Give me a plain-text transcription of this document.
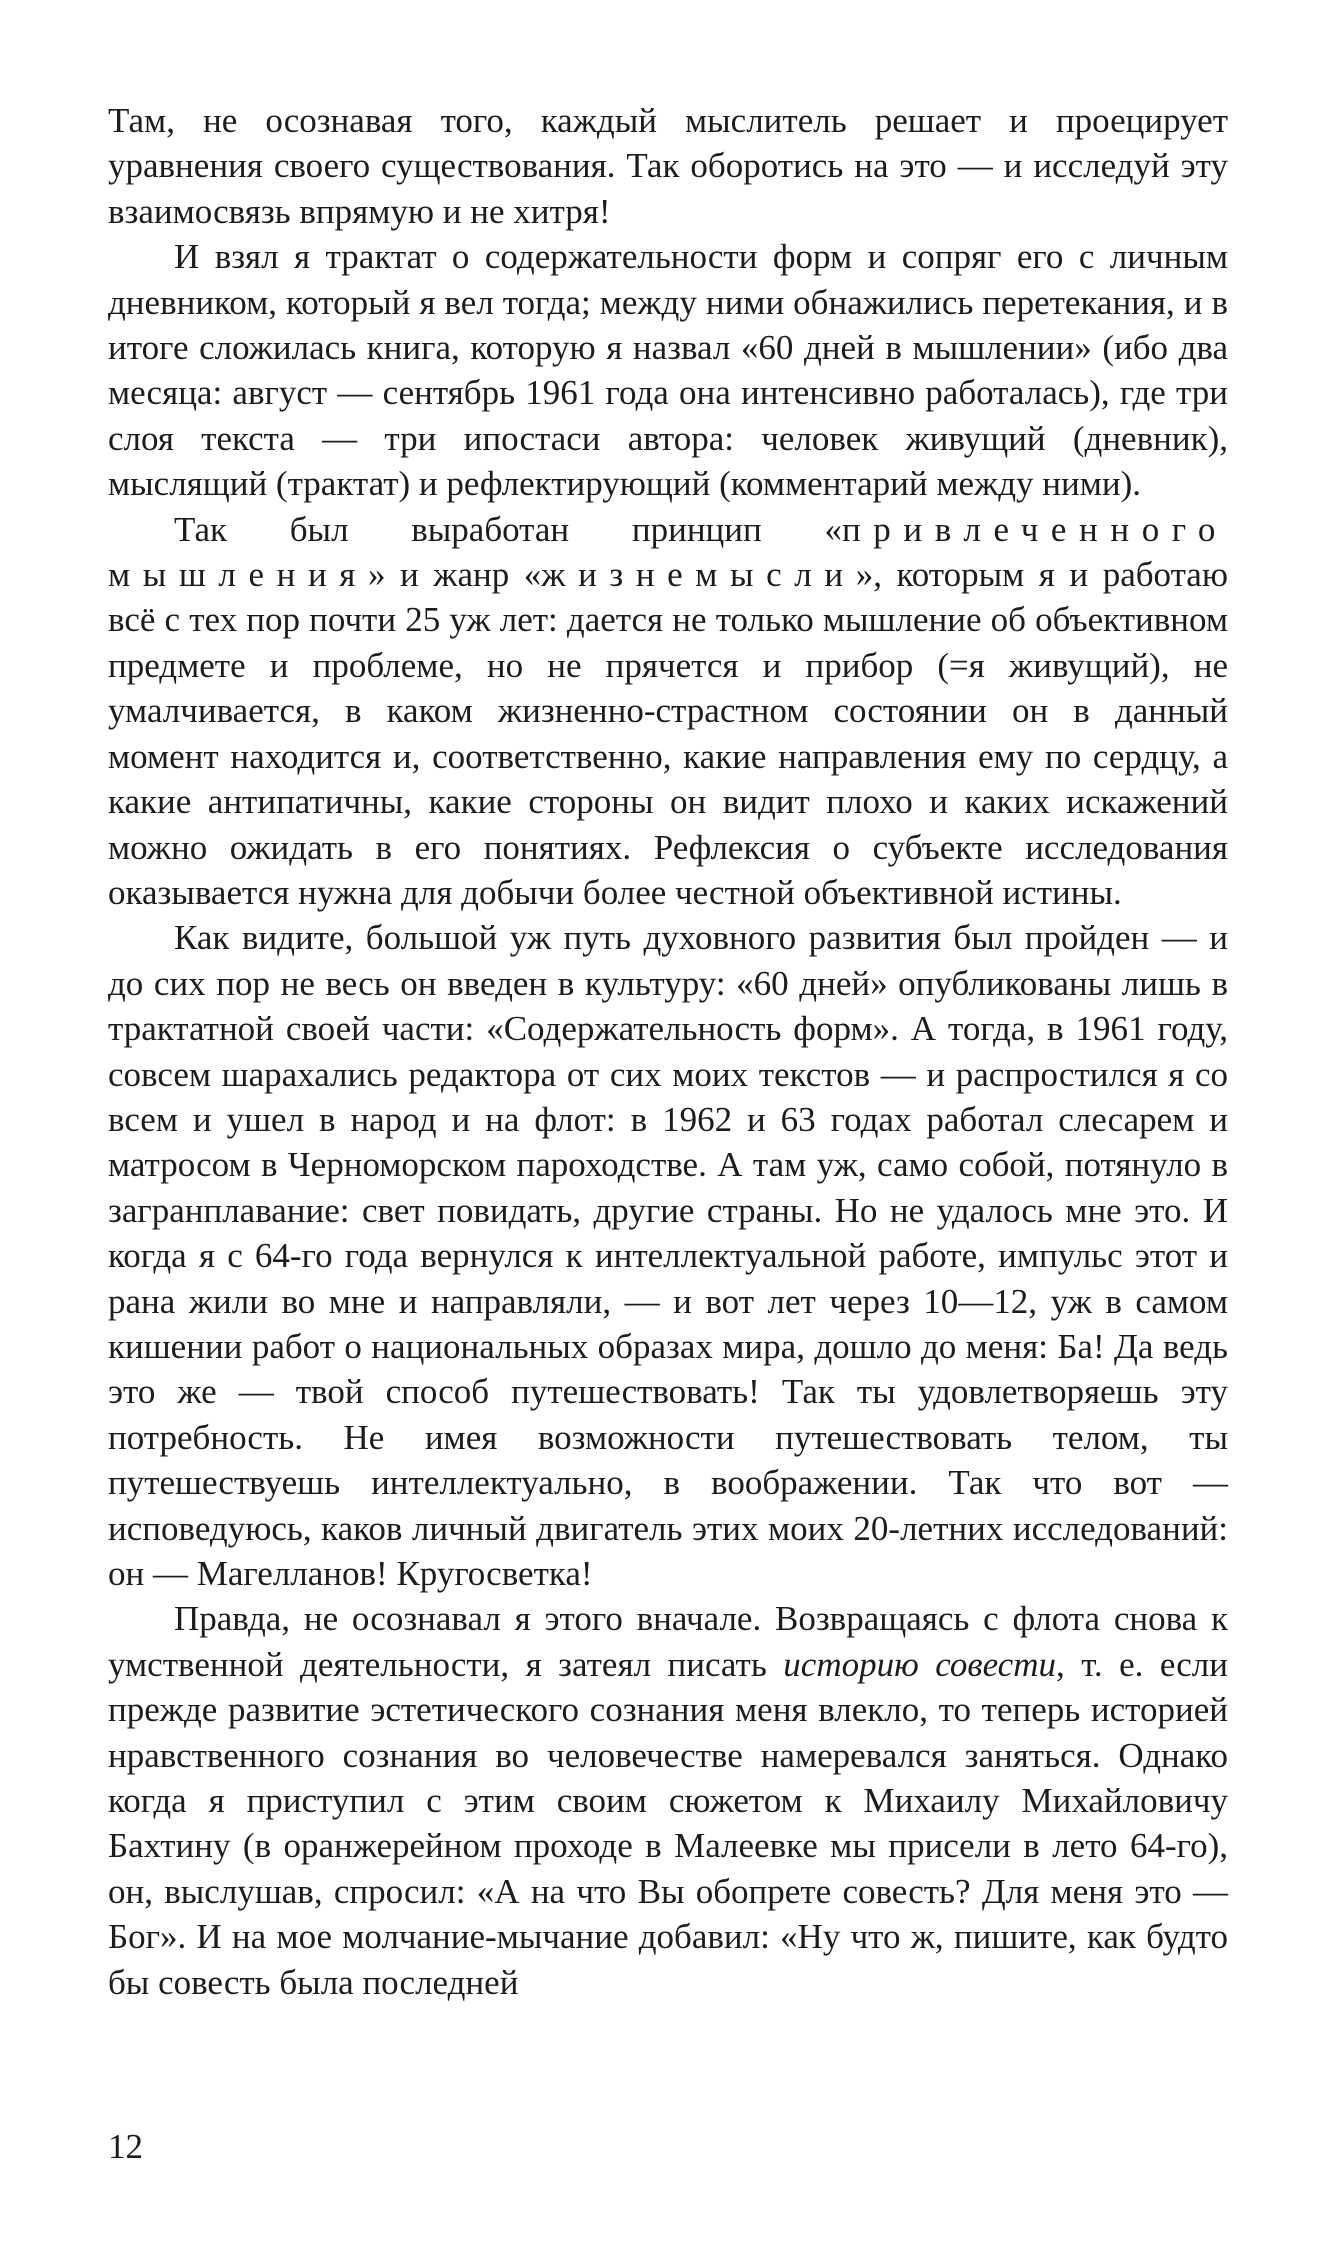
Там, не осознавая того, каждый мыслитель решает и проецирует уравнения своего существования. Так оборотись на это — и исследуй эту взаимосвязь впрямую и не хитря!

И взял я трактат о содержательности форм и сопряг его с личным дневником, который я вел тогда; между ними обнажились перетекания, и в итоге сложилась книга, которую я назвал «60 дней в мышлении» (ибо два месяца: август — сентябрь 1961 года она интенсивно работалась), где три слоя текста — три ипостаси автора: человек живущий (дневник), мыслящий (трактат) и рефлектирующий (комментарий между ними).

Так был выработан принцип «привлеченного мышления» и жанр «жизнемысли», которым я и работаю всё с тех пор почти 25 уж лет: дается не только мышление об объективном предмете и проблеме, но не прячется и прибор (=я живущий), не умалчивается, в каком жизненно-страстном состоянии он в данный момент находится и, соответственно, какие направления ему по сердцу, а какие антипатичны, какие стороны он видит плохо и каких искажений можно ожидать в его понятиях. Рефлексия о субъекте исследования оказывается нужна для добычи более честной объективной истины.

Как видите, большой уж путь духовного развития был пройден — и до сих пор не весь он введен в культуру: «60 дней» опубликованы лишь в трактатной своей части: «Содержательность форм». А тогда, в 1961 году, совсем шарахались редактора от сих моих текстов — и распростился я со всем и ушел в народ и на флот: в 1962 и 63 годах работал слесарем и матросом в Черноморском пароходстве. А там уж, само собой, потянуло в загранплавание: свет повидать, другие страны. Но не удалось мне это. И когда я с 64-го года вернулся к интеллектуальной работе, импульс этот и рана жили во мне и направляли, — и вот лет через 10—12, уж в самом кишении работ о национальных образах мира, дошло до меня: Ба! Да ведь это же — твой способ путешествовать! Так ты удовлетворяешь эту потребность. Не имея возможности путешествовать телом, ты путешествуешь интеллектуально, в воображении. Так что вот — исповедуюсь, каков личный двигатель этих моих 20-летних исследований: он — Магелланов! Кругосветка!

Правда, не осознавал я этого вначале. Возвращаясь с флота снова к умственной деятельности, я затеял писать историю совести, т. е. если прежде развитие эстетического сознания меня влекло, то теперь историей нравственного сознания во человечестве намеревался заняться. Однако когда я приступил с этим своим сюжетом к Михаилу Михайловичу Бахтину (в оранжерейном проходе в Малеевке мы присели в лето 64-го), он, выслушав, спросил: «А на что Вы обопрете совесть? Для меня это — Бог». И на мое молчание-мычание добавил: «Ну что ж, пишите, как будто бы совесть была последней

12
